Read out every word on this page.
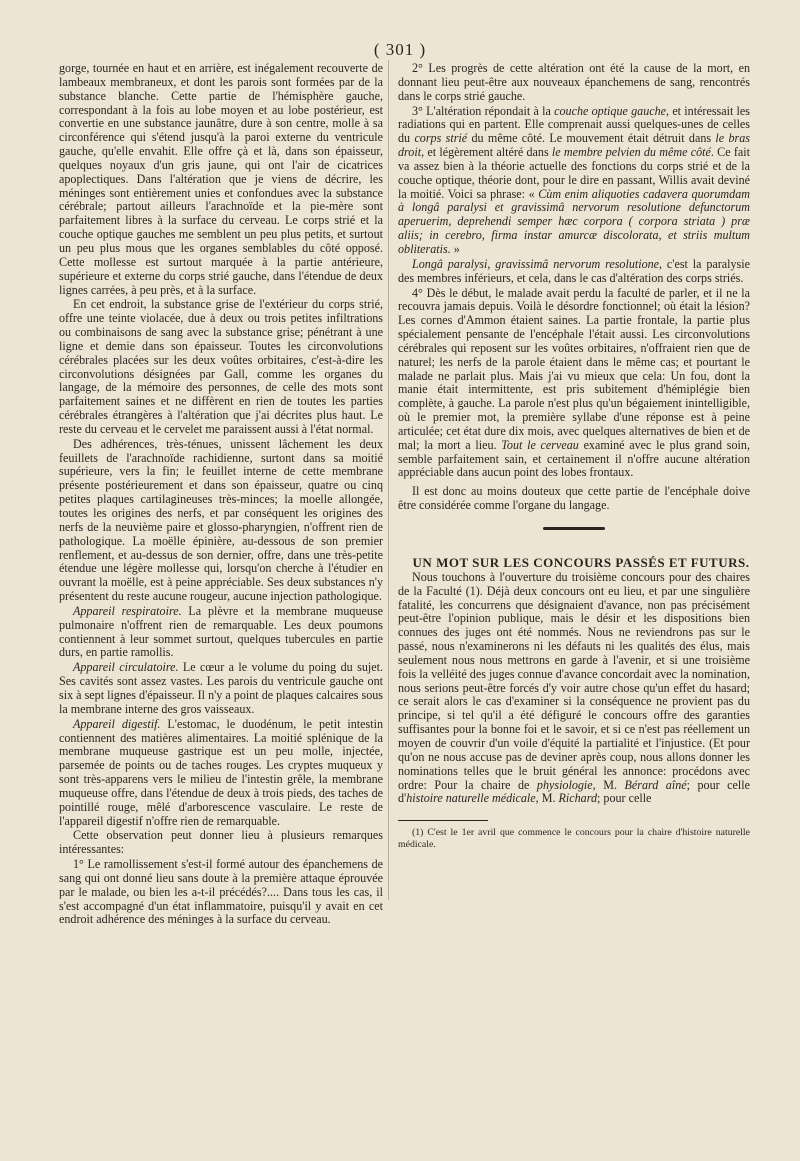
( 301 )

gorge, tournée en haut et en arrière, est inégalement recouverte de lambeaux membraneux, et dont les parois sont formées par de la substance blanche. Cette partie de l'hémisphère gauche, correspondant à la fois au lobe moyen et au lobe postérieur, est convertie en une substance jaunâtre, dure à son centre, molle à sa circonférence qui s'étend jusqu'à la paroi externe du ventricule gauche, qu'elle envahit. Elle offre çà et là, dans son épaisseur, quelques noyaux d'un gris jaune, qui ont l'air de cicatrices apoplectiques. Dans l'altération que je viens de décrire, les méninges sont entièrement unies et confondues avec la substance cérébrale; partout ailleurs l'arachnoïde et la pie-mère sont parfaitement libres à la surface du cerveau. Le corps strié et la couche optique gauches me semblent un peu plus petits, et surtout un peu plus mous que les organes semblables du côté opposé. Cette mollesse est surtout marquée à la partie antérieure, supérieure et externe du corps strié gauche, dans l'étendue de deux lignes carrées, à peu près, et à la surface.

En cet endroit, la substance grise de l'extérieur du corps strié, offre une teinte violacée, due à deux ou trois petites infiltrations ou combinaisons de sang avec la substance grise; pénétrant à une ligne et demie dans son épaisseur. Toutes les circonvolutions cérébrales placées sur les deux voûtes orbitaires, c'est-à-dire les circonvolutions désignées par Gall, comme les organes du langage, de la mémoire des personnes, de celle des mots sont parfaitement saines et ne diffèrent en rien de toutes les parties cérébrales étrangères à l'altération que j'ai décrites plus haut. Le reste du cerveau et le cervelet me paraissent aussi à l'état normal.

Des adhérences, très-ténues, unissent lâchement les deux feuillets de l'arachnoïde rachidienne, surtont dans sa moitié supérieure, vers la fin; le feuillet interne de cette membrane présente postérieurement et dans son épaisseur, quatre ou cinq petites plaques cartilagineuses très-minces; la moelle allongée, toutes les origines des nerfs, et par conséquent les origines des nerfs de la neuvième paire et glosso-pharyngien, n'offrent rien de pathologique. La moëlle épinière, au-dessous de son premier renflement, et au-dessus de son dernier, offre, dans une très-petite étendue une légère mollesse qui, lorsqu'on cherche à l'étudier en ouvrant la moëlle, est à peine appréciable. Ses deux substances n'y présentent du reste aucune rougeur, aucune injection pathologique.

Appareil respiratoire. La plèvre et la membrane muqueuse pulmonaire n'offrent rien de remarquable. Les deux poumons contiennent à leur sommet surtout, quelques tubercules en partie durs, en partie ramollis.

Appareil circulatoire. Le cœur a le volume du poing du sujet. Ses cavités sont assez vastes. Les parois du ventricule gauche ont six à sept lignes d'épaisseur. Il n'y a point de plaques calcaires sous la membrane interne des gros vaisseaux.

Appareil digestif. L'estomac, le duodénum, le petit intestin contiennent des matières alimentaires. La moitié splénique de la membrane muqueuse gastrique est un peu molle, injectée, parsemée de points ou de taches rouges. Les cryptes muqueux y sont très-apparens vers le milieu de l'intestin grêle, la membrane muqueuse offre, dans l'étendue de deux à trois pieds, des taches de pointillé rouge, mêlé d'arborescence vasculaire. Le reste de l'appareil digestif n'offre rien de remarquable.

Cette observation peut donner lieu à plusieurs remarques intéressantes:

1° Le ramollissement s'est-il formé autour des épanchemens de sang qui ont donné lieu sans doute à la première attaque éprouvée par le malade, ou bien les a-t-il précédés?.... Dans tous les cas, il s'est accompagné d'un état inflammatoire, puisqu'il y avait en cet endroit adhérence des méninges à la surface du cerveau.

2° Les progrès de cette altération ont été la cause de la mort, en donnant lieu peut-être aux nouveaux épanchemens de sang, rencontrés dans le corps strié gauche.

3° L'altération répondait à la couche optique gauche, et intéressait les radiations qui en partent. Elle comprenait aussi quelques-unes de celles du corps strié du même côté. Le mouvement était détruit dans le bras droit, et légèrement altéré dans le membre pelvien du même côté. Ce fait va assez bien à la théorie actuelle des fonctions du corps strié et de la couche optique, théorie dont, pour le dire en passant, Willis avait deviné la moitié. Voici sa phrase: « Cùm enim aliquoties cadavera quorumdam à longâ paralysi et gravissimâ nervorum resolutione defunctorum aperuerim, deprehendi semper hæc corpora ( corpora striata ) præ aliis; in cerebro, firma instar amurcæ discolorata, et striis multum obliteratis. »

Longâ paralysi, gravissimâ nervorum resolutione, c'est la paralysie des membres inférieurs, et cela, dans le cas d'altération des corps striés.

4° Dès le début, le malade avait perdu la faculté de parler, et il ne la recouvra jamais depuis. Voilà le désordre fonctionnel; où était la lésion? Les cornes d'Ammon étaient saines. La partie frontale, la partie plus spécialement pensante de l'encéphale l'était aussi. Les circonvolutions cérébrales qui reposent sur les voûtes orbitaires, n'offraient rien que de naturel; les nerfs de la parole étaient dans le même cas; et pourtant le malade ne parlait plus. Mais j'ai vu mieux que cela: Un fou, dont la manie était intermittente, est pris subitement d'hémiplégie bien complète, à gauche. La parole n'est plus qu'un bégaiement inintelligible, où le premier mot, la première syllabe d'une réponse est à peine articulée; cet état dure dix mois, avec quelques alternatives de bien et de mal; la mort a lieu. Tout le cerveau examiné avec le plus grand soin, semble parfaitement sain, et certainement il n'offre aucune altération appréciable dans aucun point des lobes frontaux.

Il est donc au moins douteux que cette partie de l'encéphale doive être considérée comme l'organe du langage.

UN MOT SUR LES CONCOURS PASSÉS ET FUTURS.

Nous touchons à l'ouverture du troisième concours pour des chaires de la Faculté (1). Déjà deux concours ont eu lieu, et par une singulière fatalité, les concurrens que désignaient d'avance, non pas précisément peut-être l'opinion publique, mais le désir et les dispositions bien connues des juges ont été nommés. Nous ne reviendrons pas sur le passé, nous n'examinerons ni les défauts ni les qualités des élus, mais seulement nous nous mettrons en garde à l'avenir, et si une troisième fois la velléité des juges connue d'avance concordait avec la nomination, nous serions peut-être forcés d'y voir autre chose qu'un effet du hasard; ce serait alors le cas d'examiner si la conséquence ne provient pas du principe, si tel qu'il a été défiguré le concours offre des garanties suffisantes pour la bonne foi et le savoir, et si ce n'est pas réellement un moyen de couvrir d'un voile d'équité la partialité et l'injustice. (Et pour qu'on ne nous accuse pas de deviner après coup, nous allons donner les nominations telles que le bruit général les annonce: procédons avec ordre: Pour la chaire de physiologie, M. Bérard aîné; pour celle d'histoire naturelle médicale, M. Richard; pour celle

(1) C'est le 1er avril que commence le concours pour la chaire d'histoire naturelle médicale.
